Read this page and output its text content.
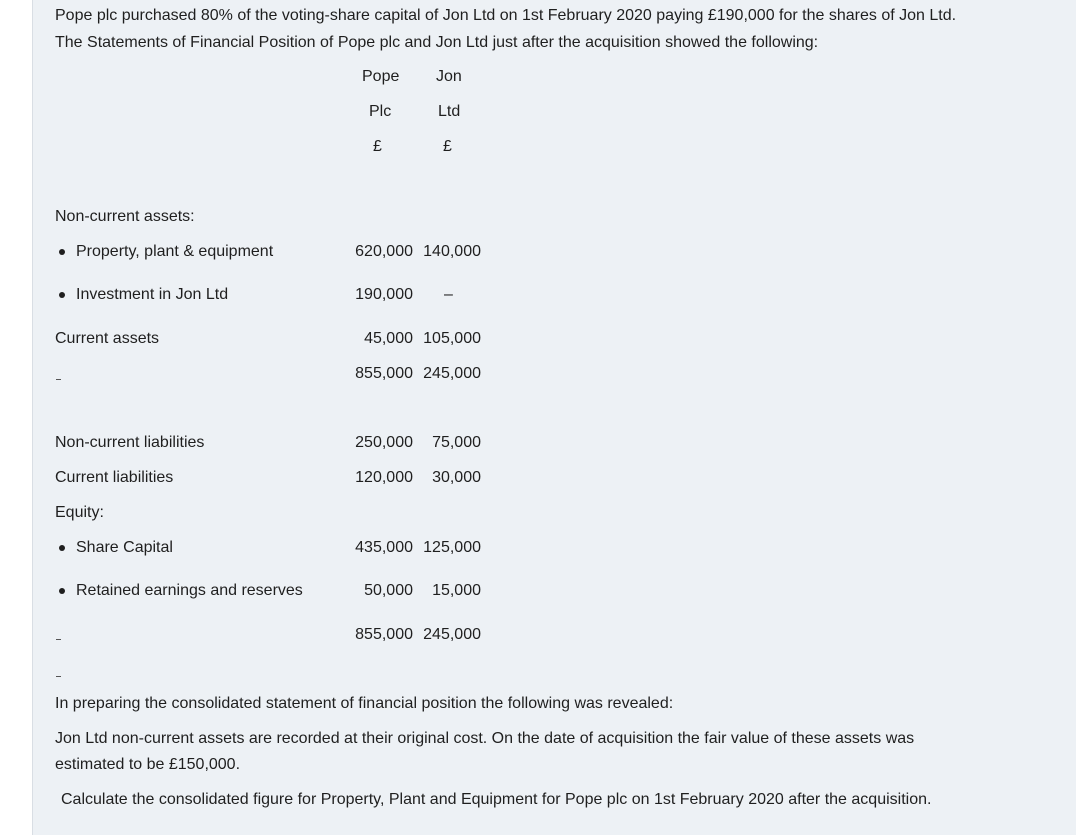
Pope plc purchased 80% of the voting-share capital of Jon Ltd on 1st February 2020 paying £190,000 for the shares of Jon Ltd.
The Statements of Financial Position of Pope plc and Jon Ltd just after the acquisition showed the following:
Pope Jon
Plc	Ltd
£	£
Non-current assets:
Property, plant & equipment	620,000 140,000
Investment in Jon Ltd	190,000 –
Current assets	45,000 105,000
855,000 245,000
Non-current liabilities	250,000	75,000
Current liabilities	120,000	30,000
Equity:
Share Capital	435,000 125,000
Retained earnings and reserves	50,000	15,000
855,000 245,000
In preparing the consolidated statement of financial position the following was revealed:
Jon Ltd non-current assets are recorded at their original cost. On the date of acquisition the fair value of these assets was
estimated to be £150,000.
Calculate the consolidated figure for Property, Plant and Equipment for Pope plc on 1st February 2020 after the acquisition.
